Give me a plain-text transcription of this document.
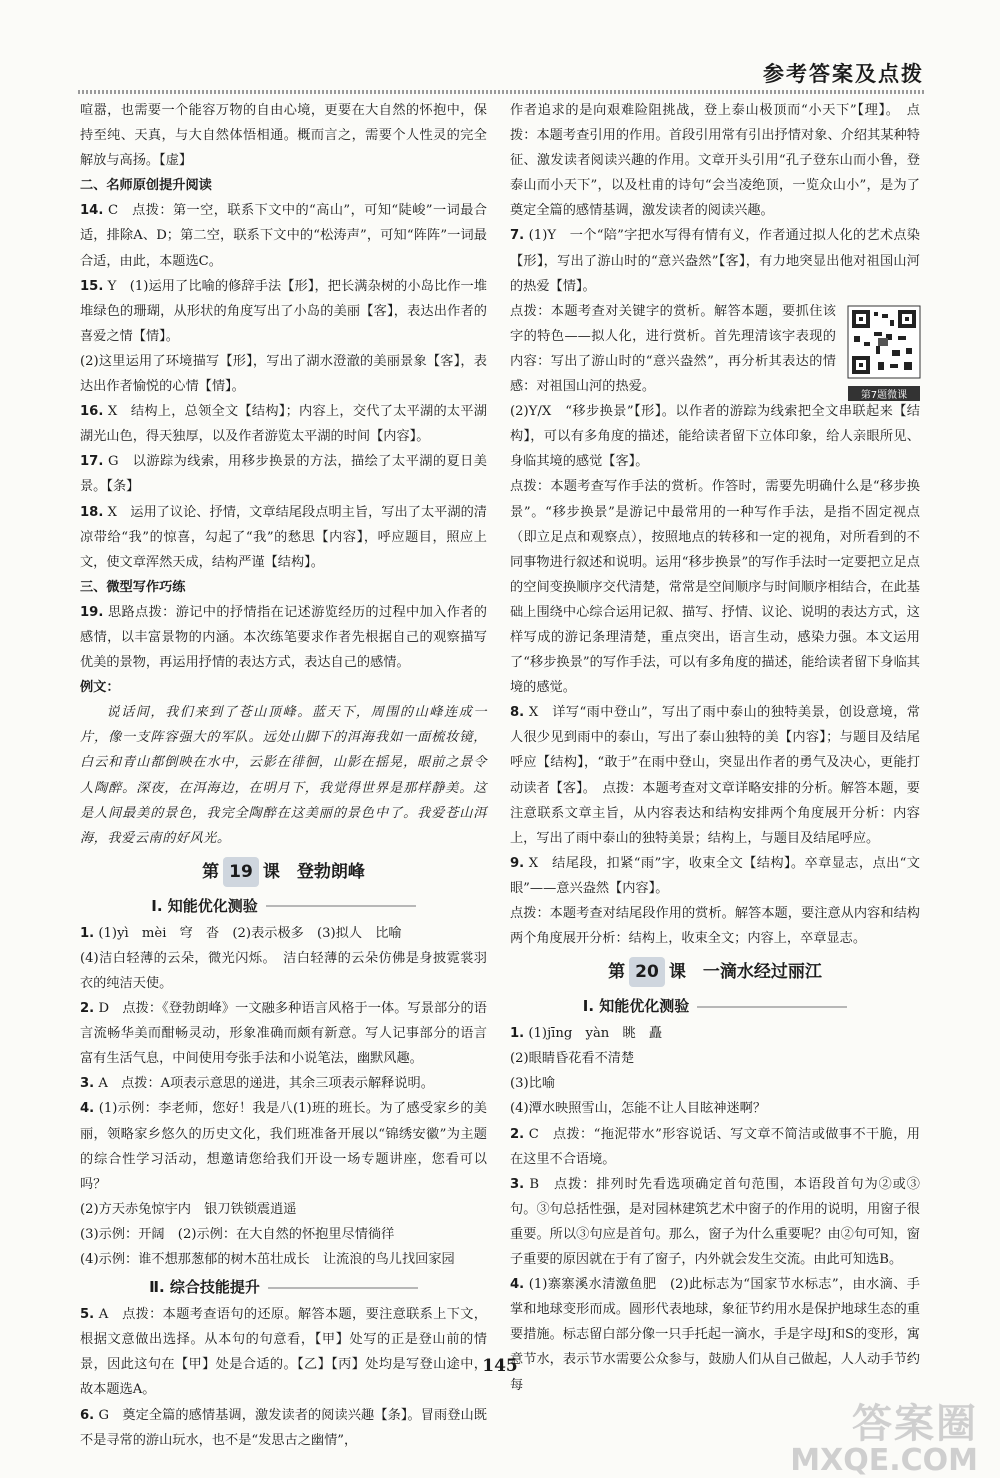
参考答案及点拨
喧嚣，也需要一个能容万物的自由心境，更要在大自然的怀抱中，保持至纯、天真，与大自然体悟相通。概而言之，需要个人性灵的完全解放与高扬。【虚】
二、名师原创提升阅读
14. C　点拨：第一空，联系下文中的“高山”，可知“陡峻”一词最合适，排除A、D；第二空，联系下文中的“松涛声”，可知“阵阵”一词最合适，由此，本题选C。
15. Y　(1)运用了比喻的修辞手法【形】，把长满杂树的小岛比作一堆堆绿色的珊瑚，从形状的角度写出了小岛的美丽【客】，表达出作者的喜爱之情【情】。
(2)这里运用了环境描写【形】，写出了湖水澄澈的美丽景象【客】，表达出作者愉悦的心情【情】。
16. X　结构上，总领全文【结构】；内容上，交代了太平湖的太平湖湖光山色，得天独厚，以及作者游览太平湖的时间【内容】。
17. G　以游踪为线索，用移步换景的方法，描绘了太平湖的夏日美景。【条】
18. X　运用了议论、抒情，文章结尾段点明主旨，写出了太平湖的清凉带给“我”的惊喜，勾起了“我”的愁思【内容】，呼应题目，照应上文，使文章浑然天成，结构严谨【结构】。
三、微型写作巧练
19. 思路点拨：游记中的抒情指在记述游览经历的过程中加入作者的感情，以丰富景物的内涵。本次练笔要求作者先根据自己的观察描写优美的景物，再运用抒情的表达方式，表达自己的感情。
例文：
说话间，我们来到了苍山顶峰。蓝天下，周围的山峰连成一片，像一支阵容强大的军队。远处山脚下的洱海我如一面梳妆镜，白云和青山都倒映在水中，云影在徘徊，山影在摇晃，眼前之景令人陶醉。深夜，在洱海边，在明月下，我觉得世界是那样静美。这是人间最美的景色，我完全陶醉在这美丽的景色中了。我爱苍山洱海，我爱云南的好风光。
第 19 课　登勃朗峰
Ⅰ. 知能优化测验
1. (1)yì　mèi　穹　沓　(2)表示极多　(3)拟人　比喻
(4)洁白轻薄的云朵，微光闪烁。　洁白轻薄的云朵仿佛是身披霓裳羽衣的纯洁天使。
2. D　点拨：《登勃朗峰》一文融多种语言风格于一体。写景部分的语言流畅华美而酣畅灵动，形象准确而颇有新意。写人记事部分的语言富有生活气息，中间使用夸张手法和小说笔法，幽默风趣。
3. A　点拨：A项表示意思的递进，其余三项表示解释说明。
4. (1)示例：李老师，您好！我是八(1)班的班长。为了感受家乡的美丽，领略家乡悠久的历史文化，我们班准备开展以“锦绣安徽”为主题的综合性学习活动，想邀请您给我们开设一场专题讲座，您看可以吗？
(2)方天赤兔惊宇内　银刀铁锁震逍遥
(3)示例：开阔　(2)示例：在大自然的怀抱里尽情徜徉
(4)示例：谁不想那葱郁的树木茁壮成长　让流浪的鸟儿找回家园
Ⅱ. 综合技能提升
5. A　点拨：本题考查语句的还原。解答本题，要注意联系上下文，根据文意做出选择。从本句的句意看，【甲】处写的正是登山前的情景，因此这句在【甲】处是合适的。【乙】【丙】处均是写登山途中，故本题选A。
6. G　奠定全篇的感情基调，激发读者的阅读兴趣【条】。冒雨登山既不是寻常的游山玩水，也不是“发思古之幽情”，
作者追求的是向艰难险阻挑战，登上泰山极顶而“小天下”【理】。　点拨：本题考查引用的作用。首段引用常有引出抒情对象、介绍其某种特征、激发读者阅读兴趣的作用。文章开头引用“孔子登东山而小鲁，登泰山而小天下”，以及杜甫的诗句“会当凌绝顶，一览众山小”，是为了奠定全篇的感情基调，激发读者的阅读兴趣。
7. (1)Y　一个“陪”字把水写得有情有义，作者通过拟人化的艺术点染【形】，写出了游山时的“意兴盎然”【客】，有力地突显出他对祖国山河的热爱【情】。
点拨：本题考查对关键字的赏析。解答本题，要抓住该字的特色——拟人化，进行赏析。首先理清该字表现的内容：写出了游山时的“意兴盎然”，再分析其表达的情感：对祖国山河的热爱。
(2)Y/X　“移步换景”【形】。以作者的游踪为线索把全文串联起来【结构】，可以有多角度的描述，能给读者留下立体印象，给人亲眼所见、身临其境的感觉【客】。
点拨：本题考查写作手法的赏析。作答时，需要先明确什么是“移步换景”。“移步换景”是游记中最常用的一种写作手法，是指不固定视点（即立足点和观察点），按照地点的转移和一定的视角，对所看到的不同事物进行叙述和说明。运用“移步换景”的写作手法时一定要把立足点的空间变换顺序交代清楚，常常是空间顺序与时间顺序相结合，在此基础上围绕中心综合运用记叙、描写、抒情、议论、说明的表达方式，这样写成的游记条理清楚，重点突出，语言生动，感染力强。本文运用了“移步换景”的写作手法，可以有多角度的描述，能给读者留下身临其境的感觉。
8. X　详写“雨中登山”，写出了雨中泰山的独特美景，创设意境，常人很少见到雨中的泰山，写出了泰山独特的美【内容】；与题目及结尾呼应【结构】，“敢于”在雨中登山，突显出作者的勇气及决心，更能打动读者【客】。　点拨：本题考查对文章详略安排的分析。解答本题，要注意联系文章主旨，从内容表达和结构安排两个角度展开分析：内容上，写出了雨中泰山的独特美景；结构上，与题目及结尾呼应。
9. X　结尾段，扣紧“雨”字，收束全文【结构】。卒章显志，点出“文眼”——意兴盎然【内容】。
点拨：本题考查对结尾段作用的赏析。解答本题，要注意从内容和结构两个角度展开分析：结构上，收束全文；内容上，卒章显志。
第 20 课　一滴水经过丽江
Ⅰ. 知能优化测验
1. (1)jīng　yàn　眺　矗
(2)眼睛昏花看不清楚
(3)比喻
(4)潭水映照雪山，怎能不让人目眩神迷啊？
2. C　点拨：“拖泥带水”形容说话、写文章不简洁或做事不干脆，用在这里不合语境。
3. B　点拨：排列时先看选项确定首句范围，本语段首句为②或③句。③句总括性强，是对园林建筑艺术中窗子的作用的说明，用窗子很重要。所以③句应是首句。那么，窗子为什么重要呢？由②句可知，窗子重要的原因就在于有了窗子，内外就会发生交流。由此可知选B。
4. (1)寨寨溪水清激鱼肥　(2)此标志为“国家节水标志”，由水滴、手掌和地球变形而成。圆形代表地球，象征节约用水是保护地球生态的重要措施。标志留白部分像一只手托起一滴水，手是字母J和S的变形，寓意节水，表示节水需要公众参与，鼓励人们从自己做起，人人动手节约每
第7题微课
145
答案圈
MXQE.COM
